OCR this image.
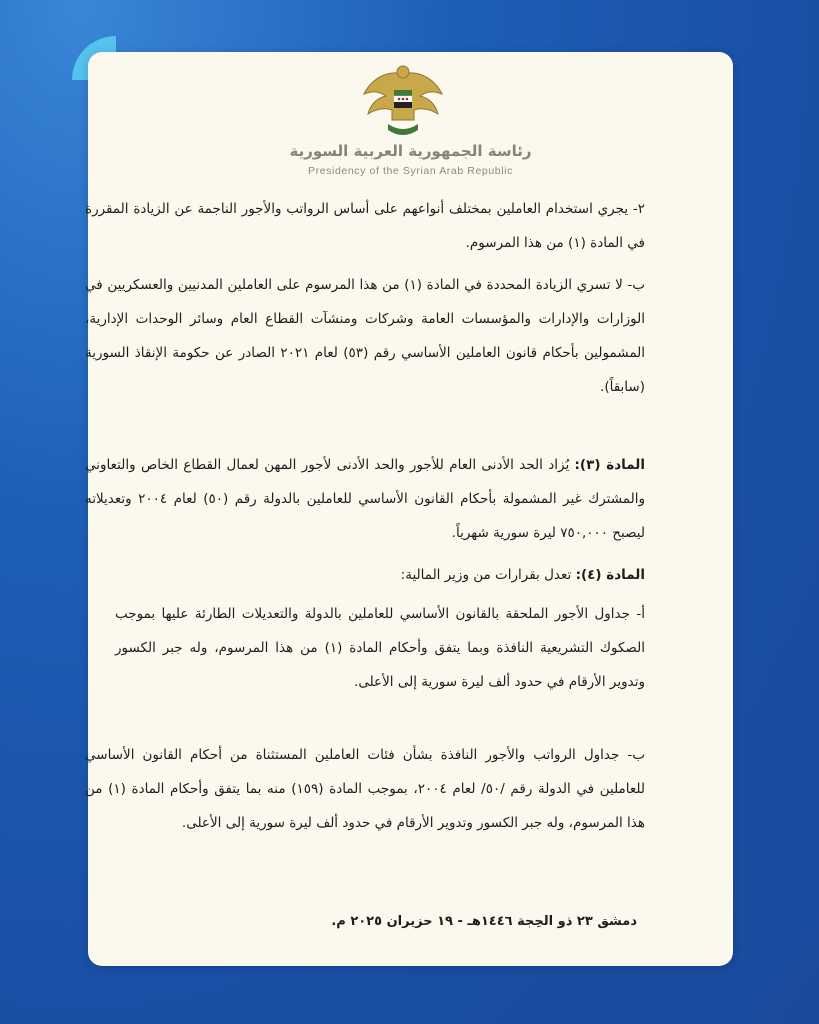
رئاسة الجمهورية العربية السورية
Presidency of the Syrian Arab Republic
٢- يجري استخدام العاملين بمختلف أنواعهم على أساس الرواتب والأجور الناجمة عن الزيادة المقررة في المادة (١) من هذا المرسوم.
ب- لا تسري الزيادة المحددة في المادة (١) من هذا المرسوم على العاملين المدنيين والعسكريين في الوزارات والإدارات والمؤسسات العامة وشركات ومنشآت القطاع العام وسائر الوحدات الإدارية، المشمولين بأحكام قانون العاملين الأساسي رقم (٥٣) لعام ٢٠٢١ الصادر عن حكومة الإنقاذ السورية (سابقاً).
المادة (٣): يُزاد الحد الأدنى العام للأجور والحد الأدنى لأجور المهن لعمال القطاع الخاص والتعاوني والمشترك غير المشمولة بأحكام القانون الأساسي للعاملين بالدولة رقم (٥٠) لعام ٢٠٠٤ وتعديلاته ليصبح ٧٥٠,٠٠٠ ليرة سورية شهرياً.
المادة (٤): تعدل بقرارات من وزير المالية:
أ- جداول الأجور الملحقة بالقانون الأساسي للعاملين بالدولة والتعديلات الطارئة عليها بموجب الصكوك التشريعية النافذة وبما يتفق وأحكام المادة (١) من هذا المرسوم، وله جبر الكسور وتدوير الأرقام في حدود ألف ليرة سورية إلى الأعلى.
ب- جداول الرواتب والأجور النافذة بشأن فئات العاملين المستثناة من أحكام القانون الأساسي للعاملين في الدولة رقم /٥٠/ لعام ٢٠٠٤، بموجب المادة (١٥٩) منه بما يتفق وأحكام المادة (١) من هذا المرسوم، وله جبر الكسور وتدوير الأرقام في حدود ألف ليرة سورية إلى الأعلى.
دمشق ٢٣ ذو الحِجة ١٤٤٦هـ - ١٩ حزيران ٢٠٢٥ م.
